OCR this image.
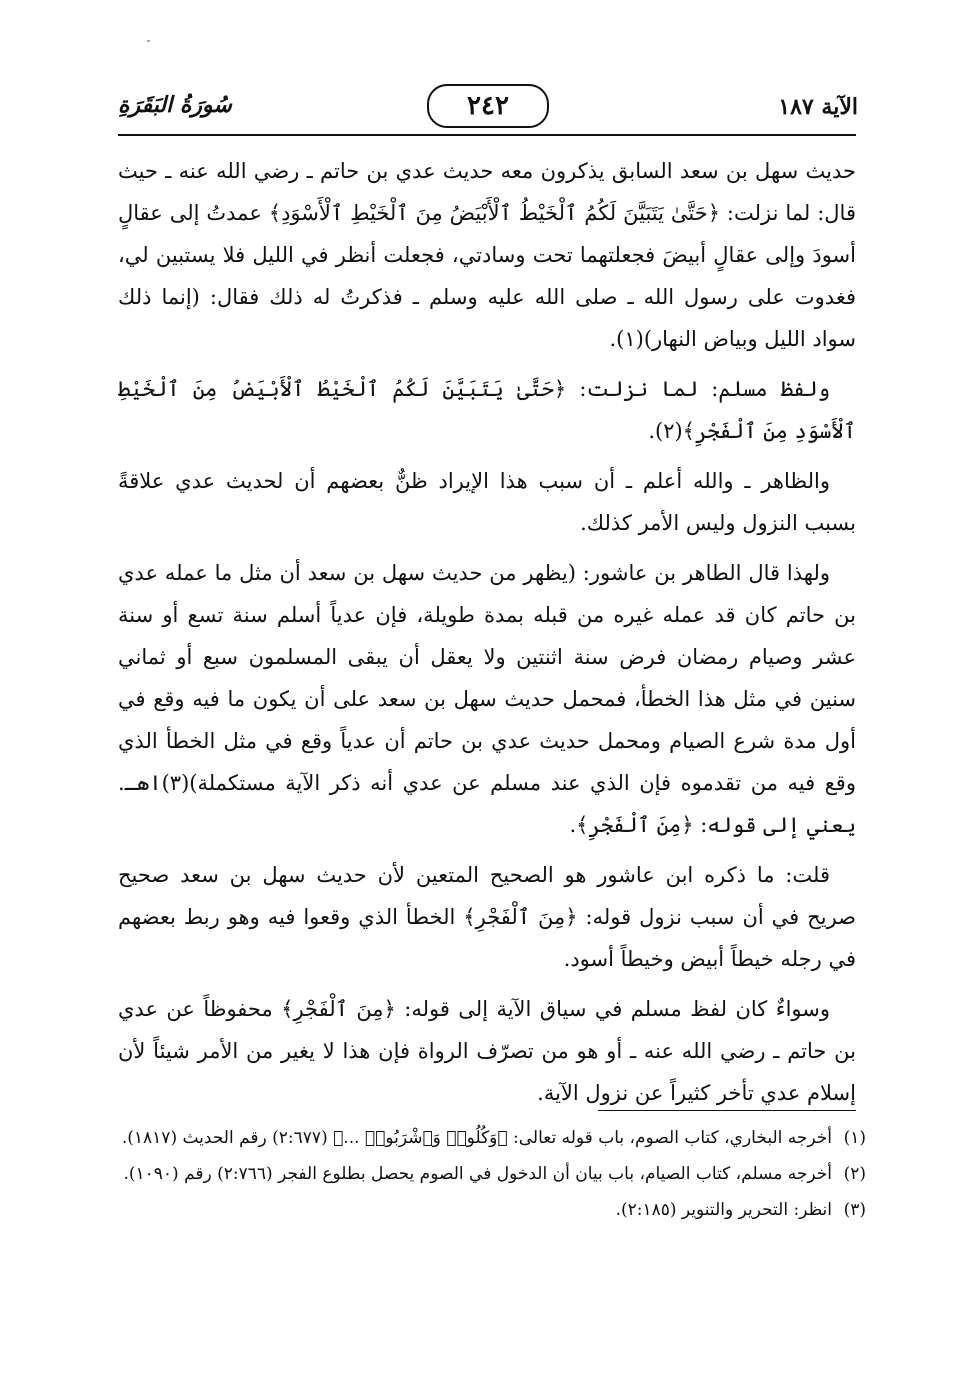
الآية ١٨٧
٢٤٢
سُورَةُ البَقَرَةِ

حديث سهل بن سعد السابق يذكرون معه حديث عدي بن حاتم ـ رضي الله عنه ـ حيث قال: لما نزلت: ﴿حَتَّىٰ يَتَبَيَّنَ لَكُمُ ٱلْخَيْطُ ٱلْأَبْيَضُ مِنَ ٱلْخَيْطِ ٱلْأَسْوَدِ﴾ عمدتُ إلى عقالٍ أسودَ وإلى عقالٍ أبيضَ فجعلتهما تحت وسادتي، فجعلت أنظر في الليل فلا يستبين لي، فغدوت على رسول الله ـ صلى الله عليه وسلم ـ فذكرتُ له ذلك فقال: (إنما ذلك سواد الليل وبياض النهار)(١).

ولفظ مسلم: لما نزلت: ﴿حَتَّىٰ يَتَبَيَّنَ لَكُمُ ٱلْخَيْطُ ٱلْأَبْيَضُ مِنَ ٱلْخَيْطِ ٱلْأَسْوَدِ مِنَ ٱلْفَجْرِ﴾(٢).

والظاهر ـ والله أعلم ـ أن سبب هذا الإيراد ظنٌّ بعضهم أن لحديث عدي علاقةً بسبب النزول وليس الأمر كذلك.

ولهذا قال الطاهر بن عاشور: (يظهر من حديث سهل بن سعد أن مثل ما عمله عدي بن حاتم كان قد عمله غيره من قبله بمدة طويلة، فإن عدياً أسلم سنة تسع أو سنة عشر وصيام رمضان فرض سنة اثنتين ولا يعقل أن يبقى المسلمون سبع أو ثماني سنين في مثل هذا الخطأ، فمحمل حديث سهل بن سعد على أن يكون ما فيه وقع في أول مدة شرع الصيام ومحمل حديث عدي بن حاتم أن عدياً وقع في مثل الخطأ الذي وقع فيه من تقدموه فإن الذي عند مسلم عن عدي أنه ذكر الآية مستكملة)(٣)اهـ. يعني إلى قوله: ﴿مِنَ ٱلْفَجْرِ﴾.

قلت: ما ذكره ابن عاشور هو الصحيح المتعين لأن حديث سهل بن سعد صحيح صريح في أن سبب نزول قوله: ﴿مِنَ ٱلْفَجْرِ﴾ الخطأ الذي وقعوا فيه وهو ربط بعضهم في رجله خيطاً أبيض وخيطاً أسود.

وسواءٌ كان لفظ مسلم في سياق الآية إلى قوله: ﴿مِنَ ٱلْفَجْرِ﴾ محفوظاً عن عدي بن حاتم ـ رضي الله عنه ـ أو هو من تصرّف الرواة فإن هذا لا يغير من الأمر شيئاً لأن إسلام عدي تأخر كثيراً عن نزول الآية.

(١)
أخرجه البخاري، كتاب الصوم، باب قوله تعالى: ﴿وَكُلُوا۟ وَٱشْرَبُوا۟ ...﴾ (٢:٦٧٧) رقم الحديث (١٨١٧).
(٢)
أخرجه مسلم، كتاب الصيام، باب بيان أن الدخول في الصوم يحصل بطلوع الفجر (٢:٧٦٦) رقم (١٠٩٠).
(٣)
انظر: التحرير والتنوير (٢:١٨٥).
